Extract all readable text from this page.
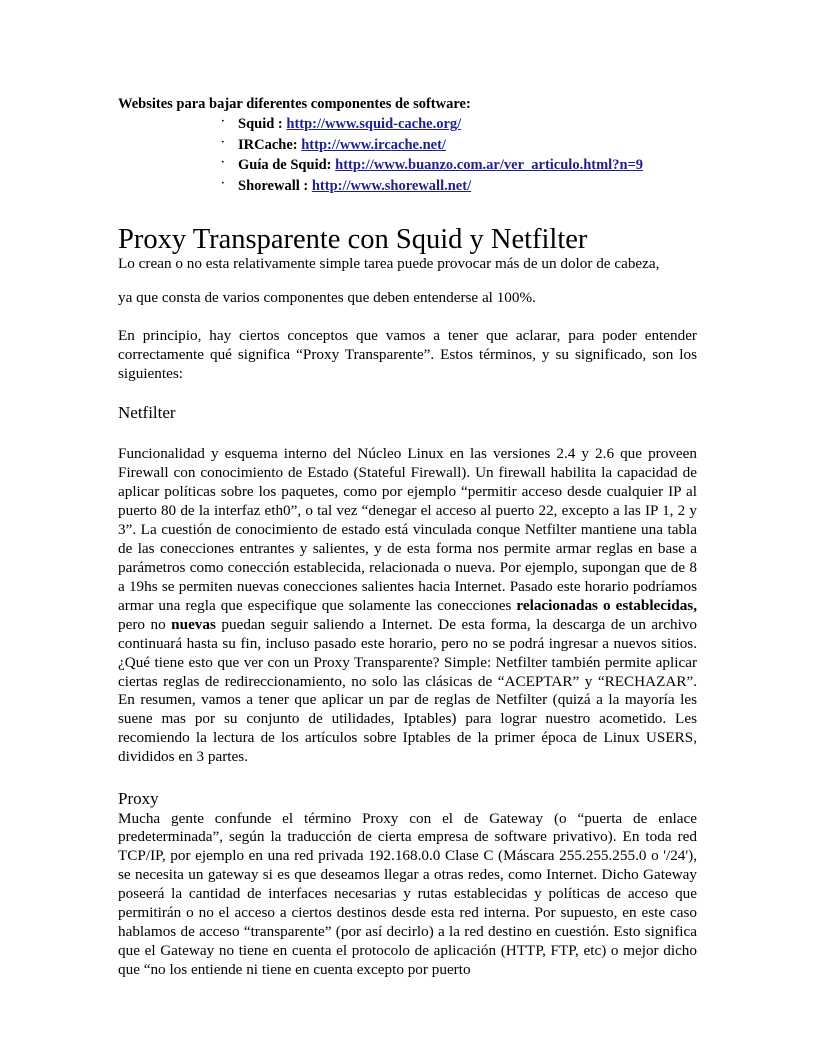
Websites para bajar diferentes componentes de software:
· Squid : http://www.squid-cache.org/
· IRCache: http://www.ircache.net/
· Guía de Squid: http://www.buanzo.com.ar/ver_articulo.html?n=9
· Shorewall : http://www.shorewall.net/
Proxy Transparente con Squid y Netfilter

Lo crean o no esta relativamente simple tarea puede provocar más de un dolor de cabeza,

ya que consta de varios componentes que deben entenderse al 100%.

En principio, hay ciertos conceptos que vamos a tener que aclarar, para poder entender correctamente qué significa “Proxy Transparente”. Estos términos, y su significado, son los siguientes:

Netfilter

Funcionalidad y esquema interno del Núcleo Linux en las versiones 2.4 y 2.6 que proveen Firewall con conocimiento de Estado (Stateful Firewall). Un firewall habilita la capacidad de aplicar políticas sobre los paquetes, como por ejemplo “permitir acceso desde cualquier IP al puerto 80 de la interfaz eth0”, o tal vez “denegar el acceso al puerto 22, excepto a las IP 1, 2 y 3”. La cuestión de conocimiento de estado está vinculada conque Netfilter mantiene una tabla de las conecciones entrantes y salientes, y de esta forma nos permite armar reglas en base a parámetros como conección establecida, relacionada o nueva. Por ejemplo, supongan que de 8 a 19hs se permiten nuevas conecciones salientes hacia Internet. Pasado este horario podríamos armar una regla que especifique que solamente las conecciones relacionadas o establecidas, pero no nuevas puedan seguir saliendo a Internet. De esta forma, la descarga de un archivo continuará hasta su fin, incluso pasado este horario, pero no se podrá ingresar a nuevos sitios. ¿Qué tiene esto que ver con un Proxy Transparente? Simple: Netfilter también permite aplicar ciertas reglas de redireccionamiento, no solo las clásicas de “ACEPTAR” y “RECHAZAR”. En resumen, vamos a tener que aplicar un par de reglas de Netfilter (quizá a la mayoría les suene mas por su conjunto de utilidades, Iptables) para lograr nuestro acometido. Les recomiendo la lectura de los artículos sobre Iptables de la primer época de Linux USERS, divididos en 3 partes.

Proxy

Mucha gente confunde el término Proxy con el de Gateway (o “puerta de enlace predeterminada”, según la traducción de cierta empresa de software privativo). En toda red TCP/IP, por ejemplo en una red privada 192.168.0.0 Clase C (Máscara 255.255.255.0 o '/24'), se necesita un gateway si es que deseamos llegar a otras redes, como Internet. Dicho Gateway poseerá la cantidad de interfaces necesarias y rutas establecidas y políticas de acceso que permitirán o no el acceso a ciertos destinos desde esta red interna. Por supuesto, en este caso hablamos de acceso “transparente” (por así decirlo) a la red destino en cuestión. Esto significa que el Gateway no tiene en cuenta el protocolo de aplicación (HTTP, FTP, etc) o mejor dicho que “no los entiende ni tiene en cuenta excepto por puerto
